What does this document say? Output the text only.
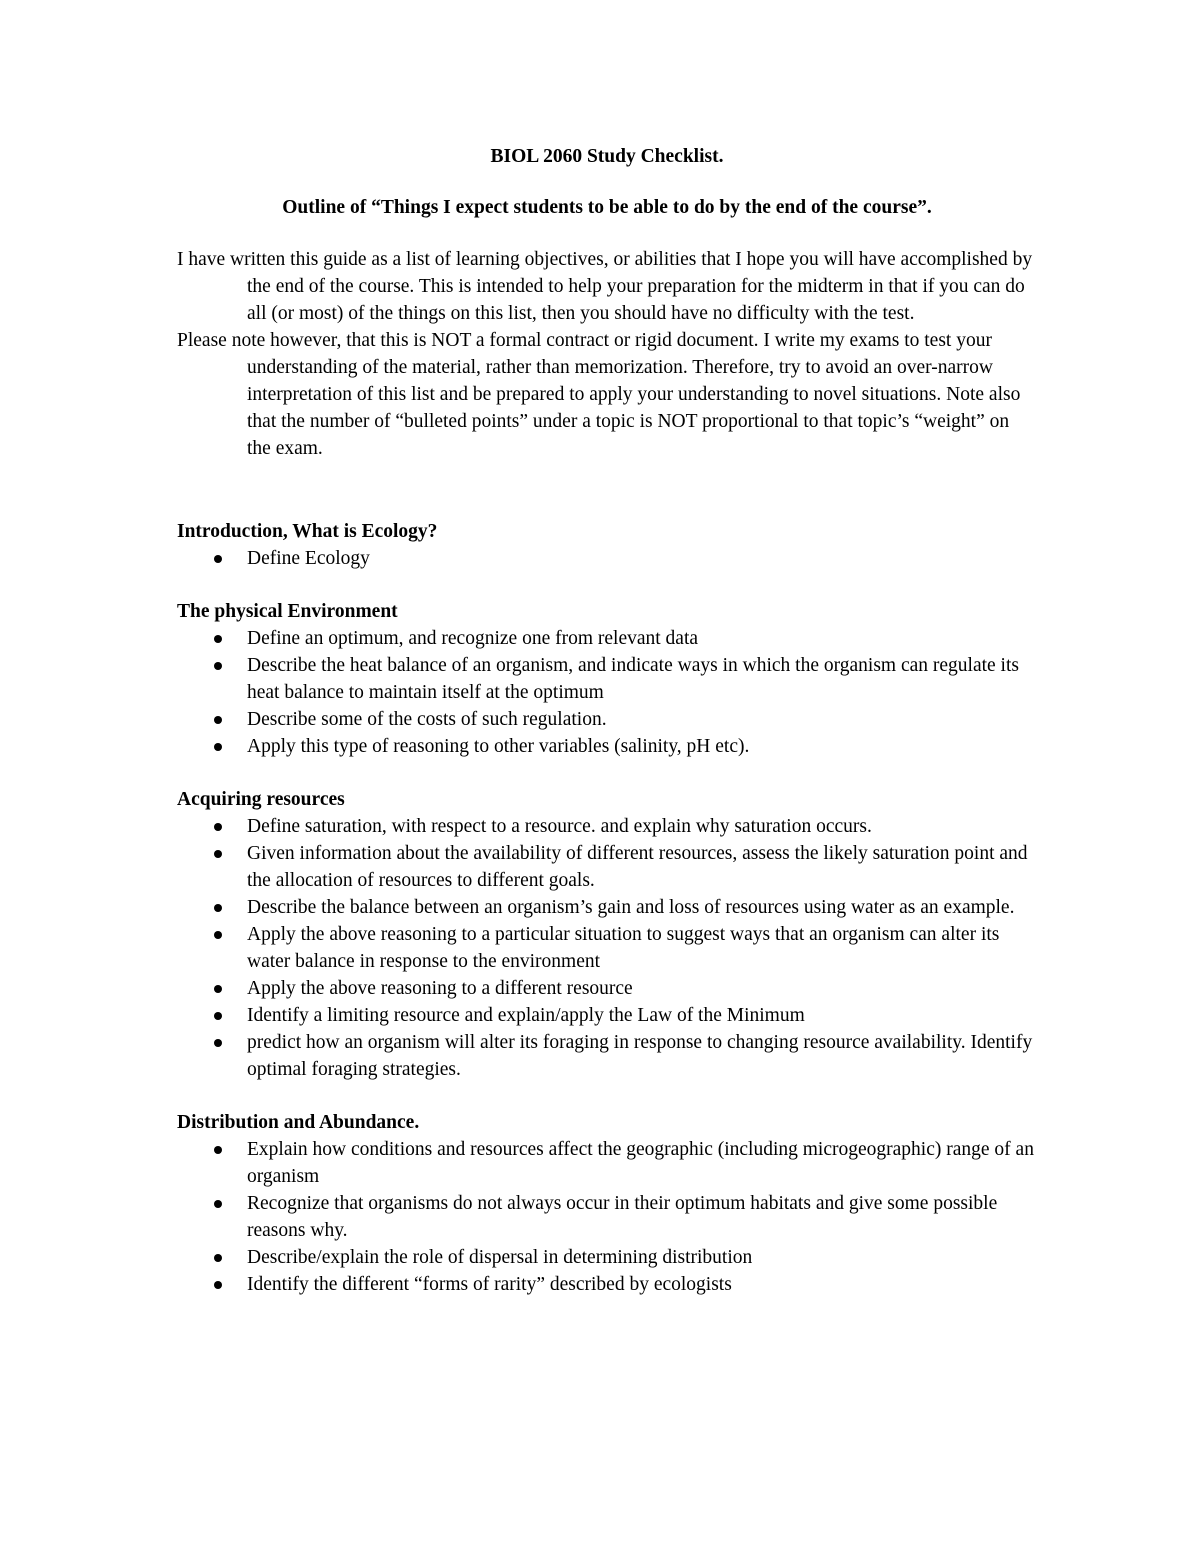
BIOL 2060 Study Checklist.

Outline of “Things I expect students to be able to do by the end of the course”.

I have written this guide as a list of learning objectives, or abilities that I hope you will have accomplished by the end of the course. This is intended to help your preparation for the midterm in that if you can do all (or most) of the things on this list, then you should have no difficulty with the test.

Please note however, that this is NOT a formal contract or rigid document. I write my exams to test your understanding of the material, rather than memorization. Therefore, try to avoid an over-narrow interpretation of this list and be prepared to apply your understanding to novel situations. Note also that the number of “bulleted points” under a topic is NOT proportional to that topic’s “weight” on the exam.

Introduction, What is Ecology?

Define Ecology

The physical Environment

Define an optimum, and recognize one from relevant data
Describe the heat balance of an organism, and indicate ways in which the organism can regulate its heat balance to maintain itself at the optimum
Describe some of the costs of such regulation.
Apply this type of reasoning to other variables (salinity, pH etc).

Acquiring resources

Define saturation, with respect to a resource. and explain why saturation occurs.
Given information about the availability of different resources, assess the likely saturation point and the allocation of resources to different goals.
Describe the balance between an organism’s gain and loss of resources using water as an example.
Apply the above reasoning to a particular situation to suggest ways that an organism can alter its water balance in response to the environment
Apply the above reasoning to a different resource
Identify a limiting resource and explain/apply the Law of the Minimum
predict how an organism will alter its foraging in response to changing resource availability. Identify optimal foraging strategies.

Distribution and Abundance.

Explain how conditions and resources affect the geographic (including microgeographic) range of an organism
Recognize that organisms do not always occur in their optimum habitats and give some possible reasons why.
Describe/explain the role of dispersal in determining distribution
Identify the different “forms of rarity” described by ecologists
